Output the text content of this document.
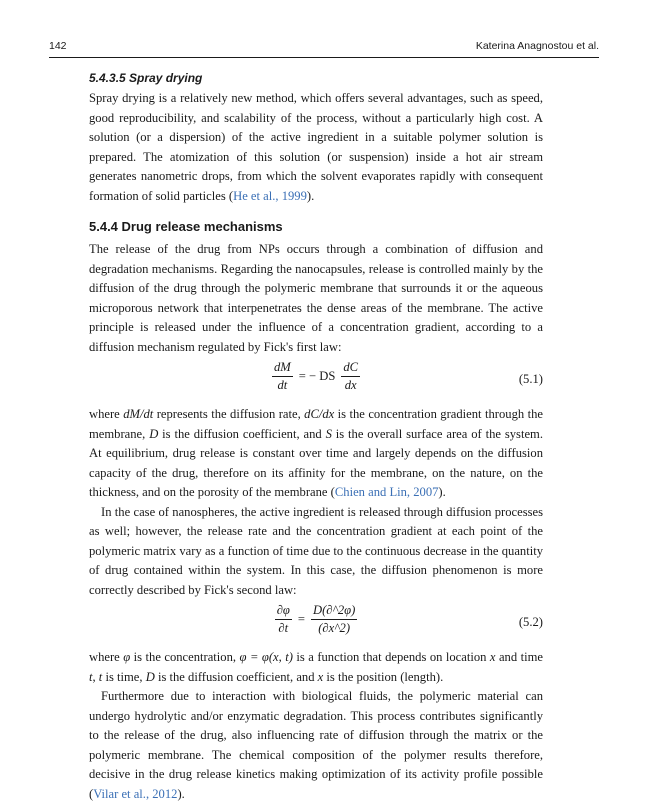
142	Katerina Anagnostou et al.
5.4.3.5 Spray drying

Spray drying is a relatively new method, which offers several advantages, such as speed, good reproducibility, and scalability of the process, without a particularly high cost. A solution (or a dispersion) of the active ingredient in a suitable polymer solution is prepared. The atomization of this solution (or suspension) inside a hot air stream generates nanometric drops, from which the solvent evaporates rapidly with consequent formation of solid particles (He et al., 1999).

5.4.4 Drug release mechanisms

The release of the drug from NPs occurs through a combination of diffusion and degradation mechanisms. Regarding the nanocapsules, release is controlled mainly by the diffusion of the drug through the polymeric membrane that surrounds it or the aqueous microporous network that interpenetrates the dense areas of the membrane. The active principle is released under the influence of a concentration gradient, according to a diffusion mechanism regulated by Fick's first law:

$\frac{dM}{dt}$ = − DS $\frac{dC}{dx}$	(5.1)

where dM/dt represents the diffusion rate, dC/dx is the concentration gradient through the membrane, D is the diffusion coefficient, and S is the overall surface area of the system. At equilibrium, drug release is constant over time and largely depends on the diffusion capacity of the drug, therefore on its affinity for the membrane, on the nature, on the thickness, and on the porosity of the membrane (Chien and Lin, 2007).

In the case of nanospheres, the active ingredient is released through diffusion processes as well; however, the release rate and the concentration gradient at each point of the polymeric matrix vary as a function of time due to the continuous decrease in the quantity of drug contained within the system. In this case, the diffusion phenomenon is more correctly described by Fick's second law:

$\frac{\partial\varphi}{\partial t} = \frac{D(\partial\^{}2\varphi)}{(\partial x\^{}2)}$	(5.2)

where φ is the concentration, φ = φ(x, t) is a function that depends on location x and time t, t is time, D is the diffusion coefficient, and x is the position (length).

Furthermore due to interaction with biological fluids, the polymeric material can undergo hydrolytic and/or enzymatic degradation. This process contributes significantly to the release of the drug, also influencing rate of diffusion through the matrix or the polymeric membrane. The chemical composition of the polymer results therefore, decisive in the drug release kinetics making optimization of its activity profile possible (Vilar et al., 2012).
